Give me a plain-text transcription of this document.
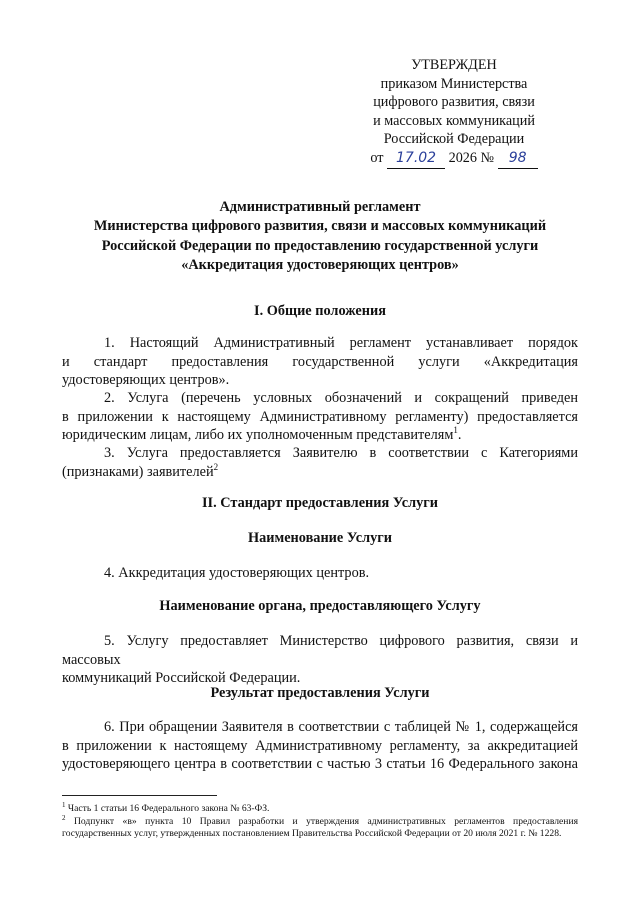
УТВЕРЖДЕН
приказом Министерства
цифрового развития, связи
и массовых коммуникаций
Российской Федерации
от 17.02 2026 № 98
Административный регламент
Министерства цифрового развития, связи и массовых коммуникаций
Российской Федерации по предоставлению государственной услуги
«Аккредитация удостоверяющих центров»
I. Общие положения
1. Настоящий Административный регламент устанавливает порядок
и стандарт предоставления государственной услуги «Аккредитация
удостоверяющих центров».
2. Услуга (перечень условных обозначений и сокращений приведен
в приложении к настоящему Административному регламенту) предоставляется
юридическим лицам, либо их уполномоченным представителям$^1$.
3. Услуга предоставляется Заявителю в соответствии с Категориями
(признаками) заявителей$^2$
II. Стандарт предоставления Услуги
Наименование Услуги
4. Аккредитация удостоверяющих центров.
Наименование органа, предоставляющего Услугу
5. Услугу предоставляет Министерство цифрового развития, связи и массовых
коммуникаций Российской Федерации.
Результат предоставления Услуги
6. При обращении Заявителя в соответствии с таблицей № 1, содержащейся
в приложении к настоящему Административному регламенту, за аккредитацией
удостоверяющего центра в соответствии с частью 3 статьи 16 Федерального закона
$^1$ Часть 1 статьи 16 Федерального закона № 63-ФЗ.
$^2$ Подпункт «в» пункта 10 Правил разработки и утверждения административных регламентов предоставления государственных услуг, утвержденных постановлением Правительства Российской Федерации от 20 июля 2021 г. № 1228.
